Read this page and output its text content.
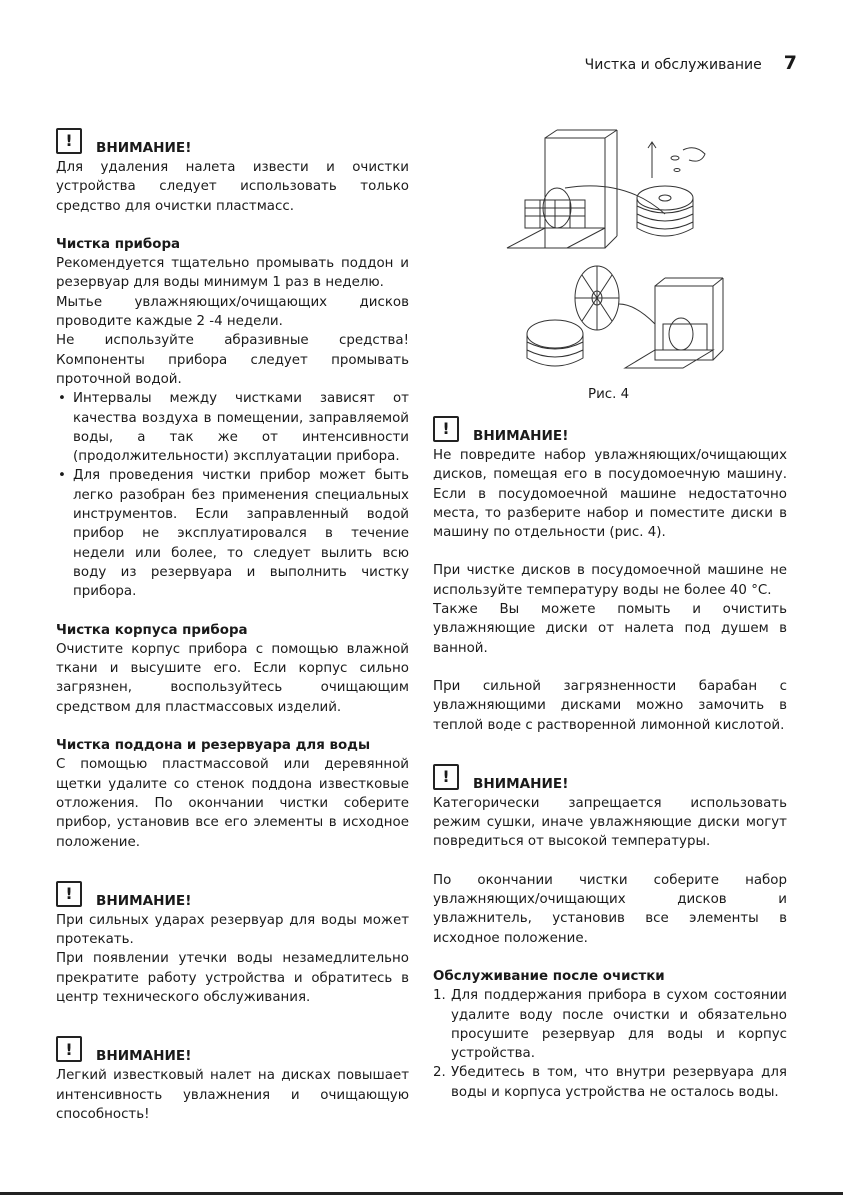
Чистка и обслуживание 7
!	ВНИМАНИЕ!

Для удаления налета извести и очистки устройства следует использовать только средство для очистки пластмасс.

Чистка прибора

Рекомендуется тщательно промывать поддон и резервуар для воды минимум 1 раз в неделю.

Мытье увлажняющих/очищающих дисков проводите каждые 2 -4 недели.

Не используйте абразивные средства! Компоненты прибора следует промывать проточной водой.

• Интервалы между чистками зависят от качества воздуха в помещении, заправляемой воды, а так же от интенсивности (продолжительности) эксплуатации прибора.
• Для проведения чистки прибор может быть легко разобран без применения специальных инструментов. Если заправленный водой прибор не эксплуатировался в течение недели или более, то следует вылить всю воду из резервуара и выполнить чистку прибора.

Чистка корпуса прибора

Очистите корпус прибора с помощью влажной ткани и высушите его. Если корпус сильно загрязнен, воспользуйтесь очищающим средством для пластмассовых изделий.

Чистка поддона и резервуара для воды

С помощью пластмассовой или деревянной щетки удалите со стенок поддона известковые отложения. По окончании чистки соберите прибор, установив все его элементы в исходное положение.

!	ВНИМАНИЕ!

При сильных ударах резервуар для воды может протекать.

При появлении утечки воды незамедлительно прекратите работу устройства и обратитесь в центр технического обслуживания.

!	ВНИМАНИЕ!

Легкий известковый налет на дисках повышает интенсивность увлажнения и очищающую способность!

Рис. 4
!	ВНИМАНИЕ!

Не повредите набор увлажняющих/очищающих дисков, помещая его в посудомоечную машину. Если в посудомоечной машине недостаточно места, то разберите набор и поместите диски в машину по отдельности (рис. 4).

При чистке дисков в посудомоечной машине не используйте температуру воды не более 40 °С.

Также Вы можете помыть и очистить увлажняющие диски от налета под душем в ванной.

При сильной загрязненности барабан с увлажняющими дисками можно замочить в теплой воде с растворенной лимонной кислотой.

!	ВНИМАНИЕ!

Категорически запрещается использовать режим сушки, иначе увлажняющие диски могут повредиться от высокой температуры.

По окончании чистки соберите набор увлажняющих/очищающих дисков и увлажнитель, установив все элементы в исходное положение.

Обслуживание после очистки

1. Для поддержания прибора в сухом состоянии удалите воду после очистки и обязательно просушите резервуар для воды и корпус устройства.
2. Убедитесь в том, что внутри резервуара для воды и корпуса устройства не осталось воды.
